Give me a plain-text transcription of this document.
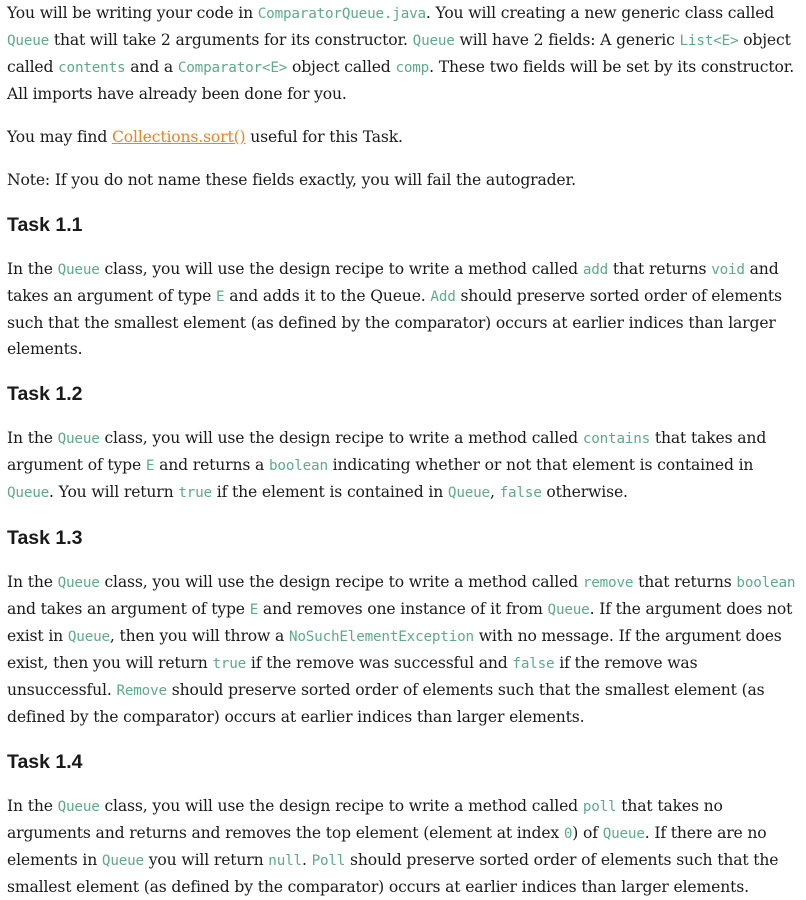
You will be writing your code in ComparatorQueue.java. You will creating a new generic class called Queue that will take 2 arguments for its constructor. Queue will have 2 fields: A generic List<E> object called contents and a Comparator<E> object called comp. These two fields will be set by its constructor. All imports have already been done for you.

You may find Collections.sort() useful for this Task.

Note: If you do not name these fields exactly, you will fail the autograder.

Task 1.1

In the Queue class, you will use the design recipe to write a method called add that returns void and takes an argument of type E and adds it to the Queue. Add should preserve sorted order of elements such that the smallest element (as defined by the comparator) occurs at earlier indices than larger elements.

Task 1.2

In the Queue class, you will use the design recipe to write a method called contains that takes and argument of type E and returns a boolean indicating whether or not that element is contained in Queue. You will return true if the element is contained in Queue, false otherwise.

Task 1.3

In the Queue class, you will use the design recipe to write a method called remove that returns boolean and takes an argument of type E and removes one instance of it from Queue. If the argument does not exist in Queue, then you will throw a NoSuchElementException with no message. If the argument does exist, then you will return true if the remove was successful and false if the remove was unsuccessful. Remove should preserve sorted order of elements such that the smallest element (as defined by the comparator) occurs at earlier indices than larger elements.

Task 1.4

In the Queue class, you will use the design recipe to write a method called poll that takes no arguments and returns and removes the top element (element at index 0) of Queue. If there are no elements in Queue you will return null. Poll should preserve sorted order of elements such that the smallest element (as defined by the comparator) occurs at earlier indices than larger elements.
